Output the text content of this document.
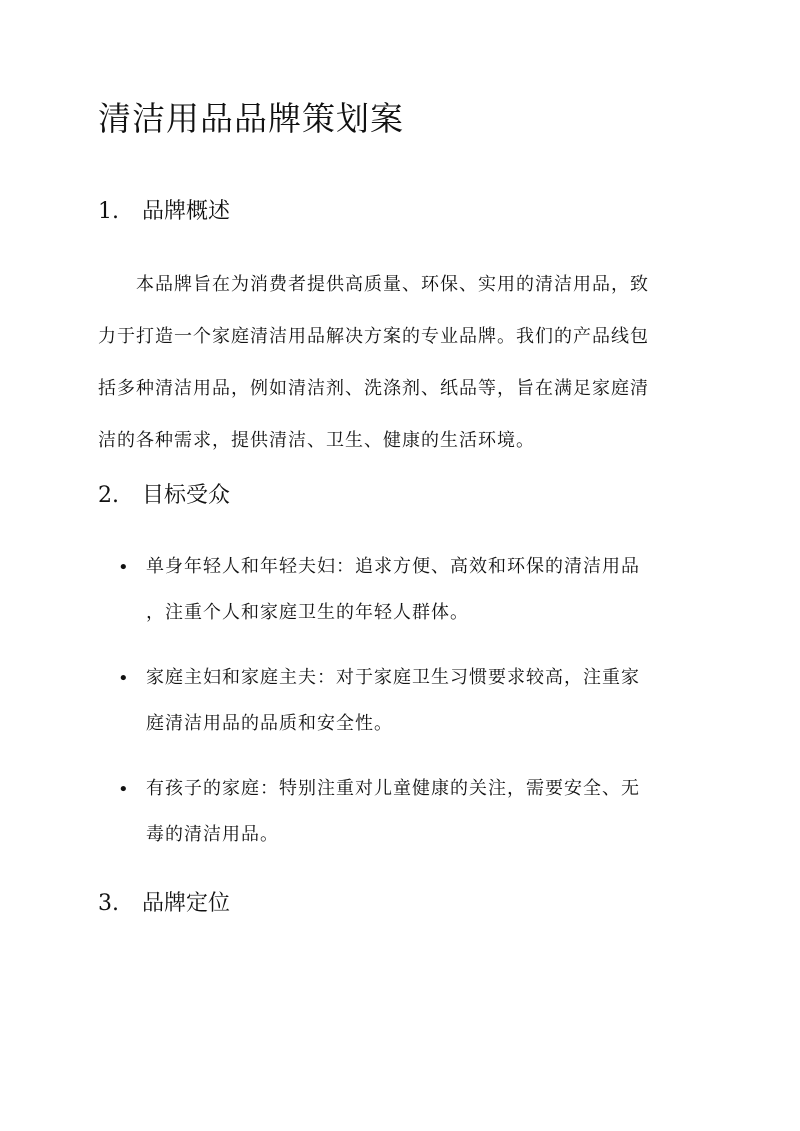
清洁用品品牌策划案
1. 品牌概述
本品牌旨在为消费者提供高质量、环保、实用的清洁用品，致
力于打造一个家庭清洁用品解决方案的专业品牌。我们的产品线包
括多种清洁用品，例如清洁剂、洗涤剂、纸品等，旨在满足家庭清
洁的各种需求，提供清洁、卫生、健康的生活环境。
2. 目标受众
• 单身年轻人和年轻夫妇：追求方便、高效和环保的清洁用品
，注重个人和家庭卫生的年轻人群体。
• 家庭主妇和家庭主夫：对于家庭卫生习惯要求较高，注重家
庭清洁用品的品质和安全性。
• 有孩子的家庭：特别注重对儿童健康的关注，需要安全、无
毒的清洁用品。
3. 品牌定位
